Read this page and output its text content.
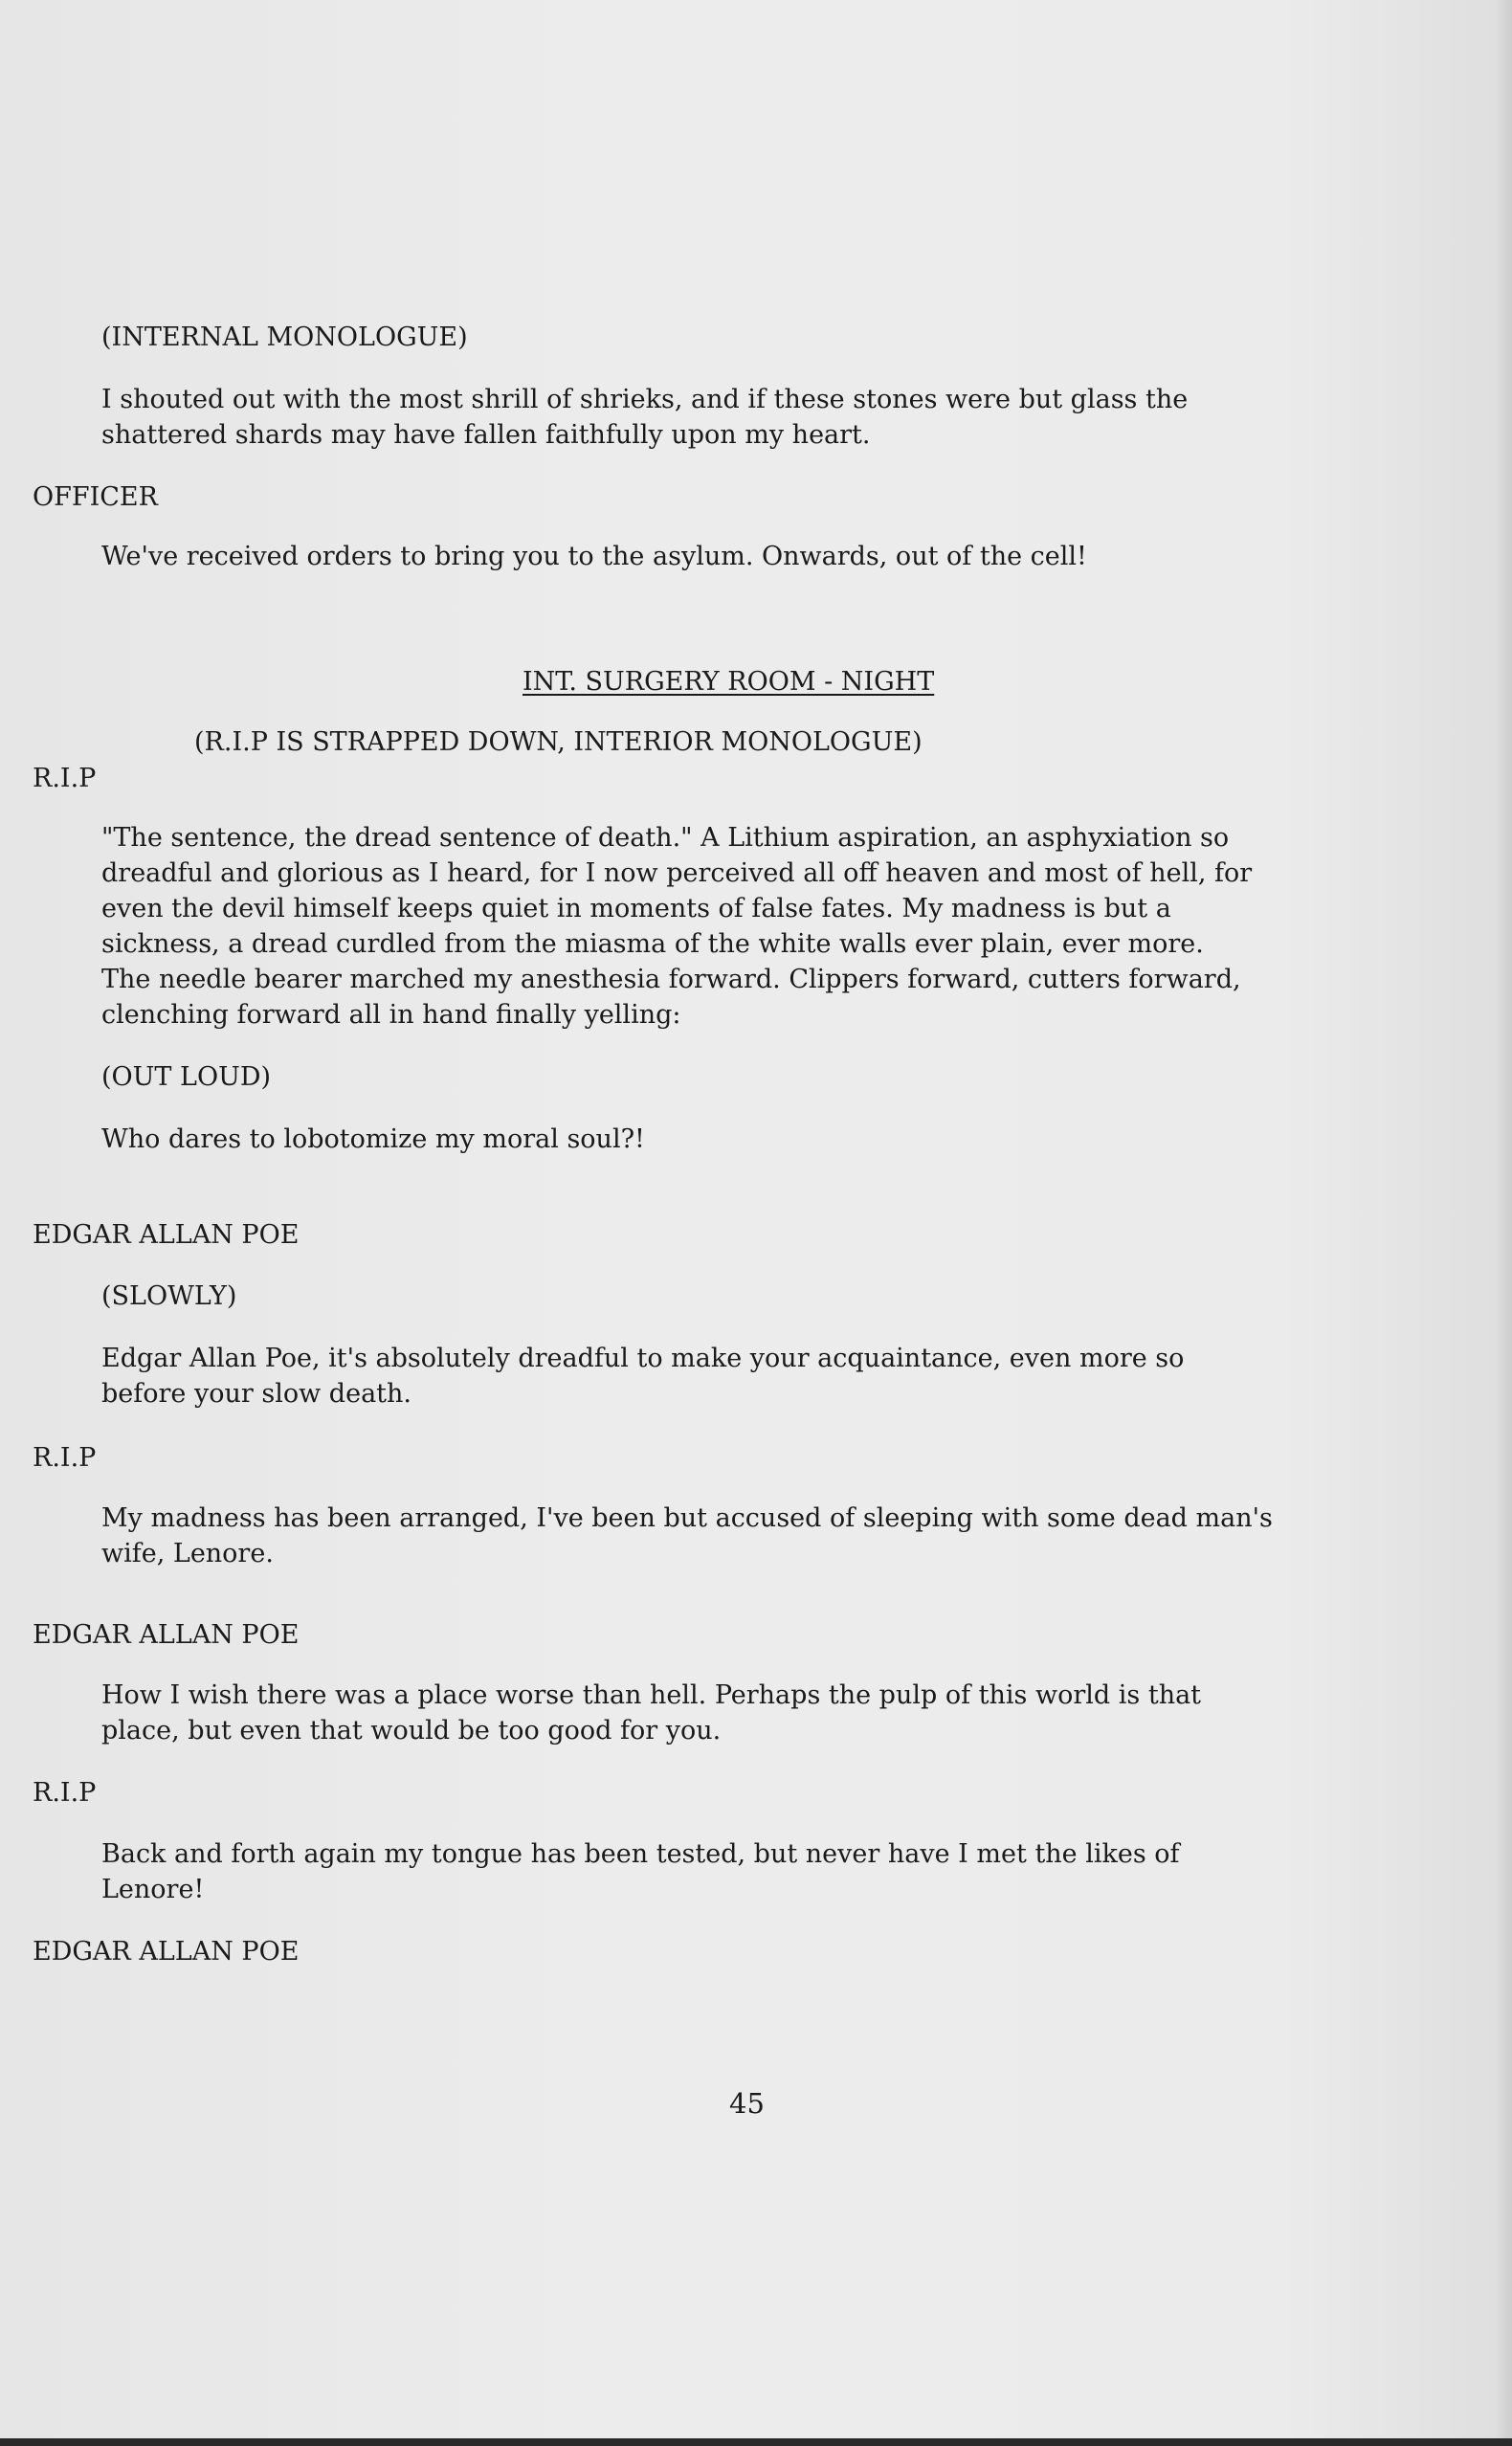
(INTERNAL MONOLOGUE)
I shouted out with the most shrill of shrieks, and if these stones were but glass the
shattered shards may have fallen faithfully upon my heart.
OFFICER
We've received orders to bring you to the asylum. Onwards, out of the cell!
INT. SURGERY ROOM - NIGHT
(R.I.P IS STRAPPED DOWN, INTERIOR MONOLOGUE)
R.I.P
"The sentence, the dread sentence of death." A Lithium aspiration, an asphyxiation so
dreadful and glorious as I heard, for I now perceived all off heaven and most of hell, for
even the devil himself keeps quiet in moments of false fates. My madness is but a
sickness, a dread curdled from the miasma of the white walls ever plain, ever more.
The needle bearer marched my anesthesia forward. Clippers forward, cutters forward,
clenching forward all in hand finally yelling:
(OUT LOUD)
Who dares to lobotomize my moral soul?!
EDGAR ALLAN POE
(SLOWLY)
Edgar Allan Poe, it's absolutely dreadful to make your acquaintance, even more so
before your slow death.
R.I.P
My madness has been arranged, I've been but accused of sleeping with some dead man's
wife, Lenore.
EDGAR ALLAN POE
How I wish there was a place worse than hell. Perhaps the pulp of this world is that
place, but even that would be too good for you.
R.I.P
Back and forth again my tongue has been tested, but never have I met the likes of
Lenore!
EDGAR ALLAN POE
45
